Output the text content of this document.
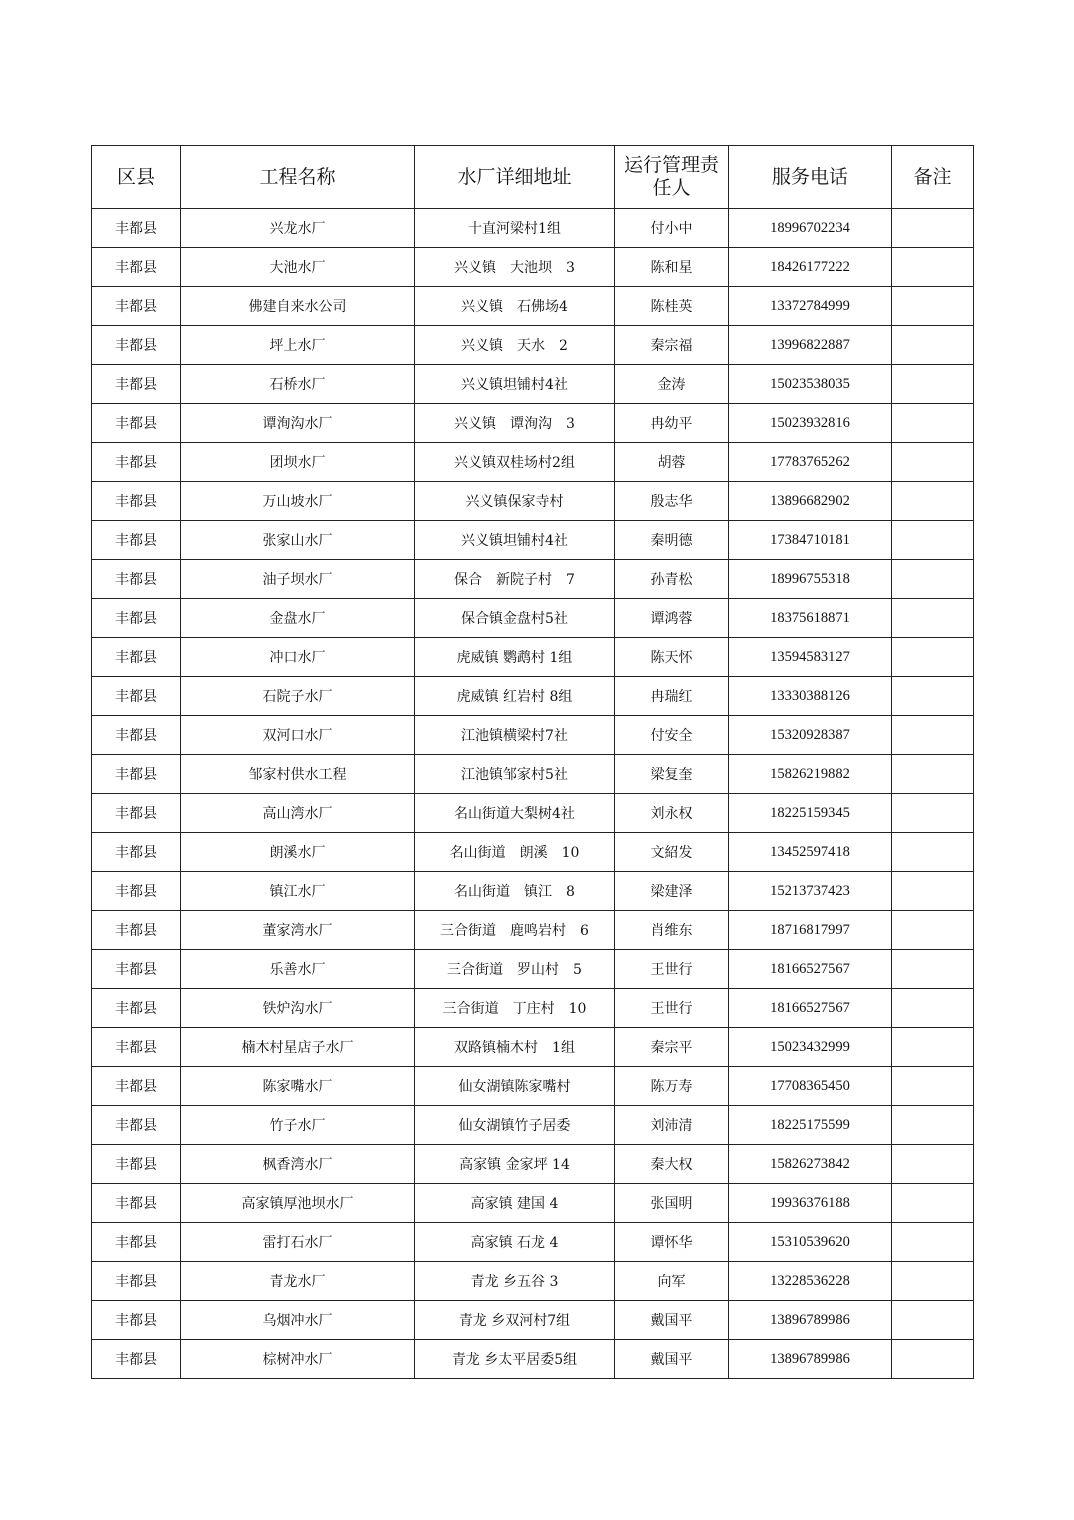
区县	工程名称	水厂详细地址	运行管理责任人	服务电话	备注
丰都县	兴龙水厂	十直河梁村1组	付小中	18996702234	
丰都县	大池水厂	兴义镇　大池坝　3	陈和星	18426177222	
丰都县	佛建自来水公司	兴义镇　石佛场4	陈桂英	13372784999	
丰都县	坪上水厂	兴义镇　天水　2	秦宗福	13996822887	
丰都县	石桥水厂	兴义镇坦铺村4社	金涛	15023538035	
丰都县	谭洵沟水厂	兴义镇　谭洵沟　3	冉幼平	15023932816	
丰都县	团坝水厂	兴义镇双桂场村2组	胡蓉	17783765262	
丰都县	万山坡水厂	兴义镇保家寺村	殷志华	13896682902	
丰都县	张家山水厂	兴义镇坦铺村4社	秦明德	17384710181	
丰都县	油子坝水厂	保合　新院子村　7	孙青松	18996755318	
丰都县	金盘水厂	保合镇金盘村5社	谭鸿蓉	18375618871	
丰都县	冲口水厂	虎威镇 鹦鹉村 1组	陈天怀	13594583127	
丰都县	石院子水厂	虎威镇 红岩村 8组	冉瑞红	13330388126	
丰都县	双河口水厂	江池镇横梁村7社	付安全	15320928387	
丰都县	邹家村供水工程	江池镇邹家村5社	梁复奎	15826219882	
丰都县	高山湾水厂	名山街道大梨树4社	刘永权	18225159345	
丰都县	朗溪水厂	名山街道　朗溪　10	文紹发	13452597418	
丰都县	镇江水厂	名山街道　镇江　8	梁建泽	15213737423	
丰都县	董家湾水厂	三合街道　鹿鸣岩村　6	肖维东	18716817997	
丰都县	乐善水厂	三合街道　罗山村　5	王世行	18166527567	
丰都县	铁炉沟水厂	三合街道　丁庄村　10	王世行	18166527567	
丰都县	楠木村星店子水厂	双路镇楠木村　1组	秦宗平	15023432999	
丰都县	陈家嘴水厂	仙女湖镇陈家嘴村	陈万寿	17708365450	
丰都县	竹子水厂	仙女湖镇竹子居委	刘沛清	18225175599	
丰都县	枫香湾水厂	高家镇 金家坪 14	秦大权	15826273842	
丰都县	高家镇厚池坝水厂	高家镇 建国 4	张国明	19936376188	
丰都县	雷打石水厂	高家镇 石龙 4	谭怀华	15310539620	
丰都县	青龙水厂	青龙 乡五谷 3	向军	13228536228	
丰都县	乌烟冲水厂	青龙 乡双河村7组	戴国平	13896789986	
丰都县	棕树冲水厂	青龙 乡太平居委5组	戴国平	13896789986	
